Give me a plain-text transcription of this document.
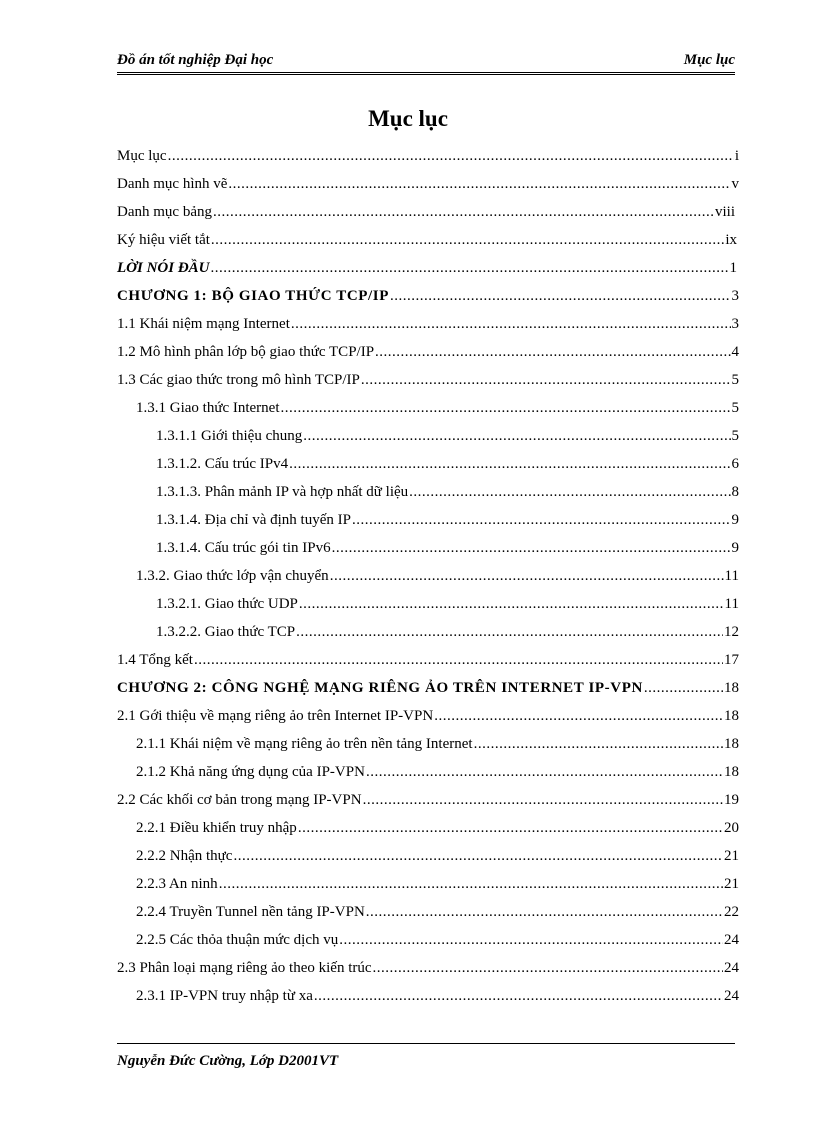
Đồ án tốt nghiệp Đại học	Mục lục
Mục lục
Mục lục .....	i
Danh mục hình vẽ .....	v
Danh mục bảng .....	viii
Ký hiệu viết tắt .....	ix
LỜI NÓI ĐẦU .....	1
CHƯƠNG 1: BỘ GIAO THỨC TCP/IP .....	3
1.1 Khái niệm mạng Internet .....	3
1.2 Mô hình phân lớp bộ giao thức TCP/IP .....	4
1.3 Các giao thức trong mô hình TCP/IP .....	5
1.3.1 Giao thức Internet .....	5
1.3.1.1 Giới thiệu chung .....	5
1.3.1.2. Cấu trúc IPv4 .....	6
1.3.1.3. Phân mảnh IP và hợp nhất dữ liệu .....	8
1.3.1.4. Địa chỉ và định tuyến IP .....	9
1.3.1.4. Cấu trúc gói tin IPv6 .....	9
1.3.2. Giao thức lớp vận chuyển .....	11
1.3.2.1. Giao thức UDP .....	11
1.3.2.2. Giao thức TCP .....	12
1.4 Tổng kết .....	17
CHƯƠNG 2: CÔNG NGHỆ MẠNG RIÊNG ẢO TRÊN INTERNET IP-VPN .....	18
2.1 Gới thiệu về mạng riêng ảo trên Internet IP-VPN .....	18
2.1.1 Khái niệm về mạng riêng ảo trên nền tảng Internet .....	18
2.1.2 Khả năng ứng dụng của IP-VPN .....	18
2.2 Các khối cơ bản trong mạng IP-VPN .....	19
2.2.1 Điều khiển truy nhập .....	20
2.2.2 Nhận thực .....	21
2.2.3 An ninh .....	21
2.2.4 Truyền Tunnel nền tảng IP-VPN .....	22
2.2.5 Các thỏa thuận mức dịch vụ .....	24
2.3 Phân loại mạng riêng ảo theo kiến trúc .....	24
2.3.1 IP-VPN truy nhập từ xa .....	24
Nguyễn Đức Cường, Lớp D2001VT
